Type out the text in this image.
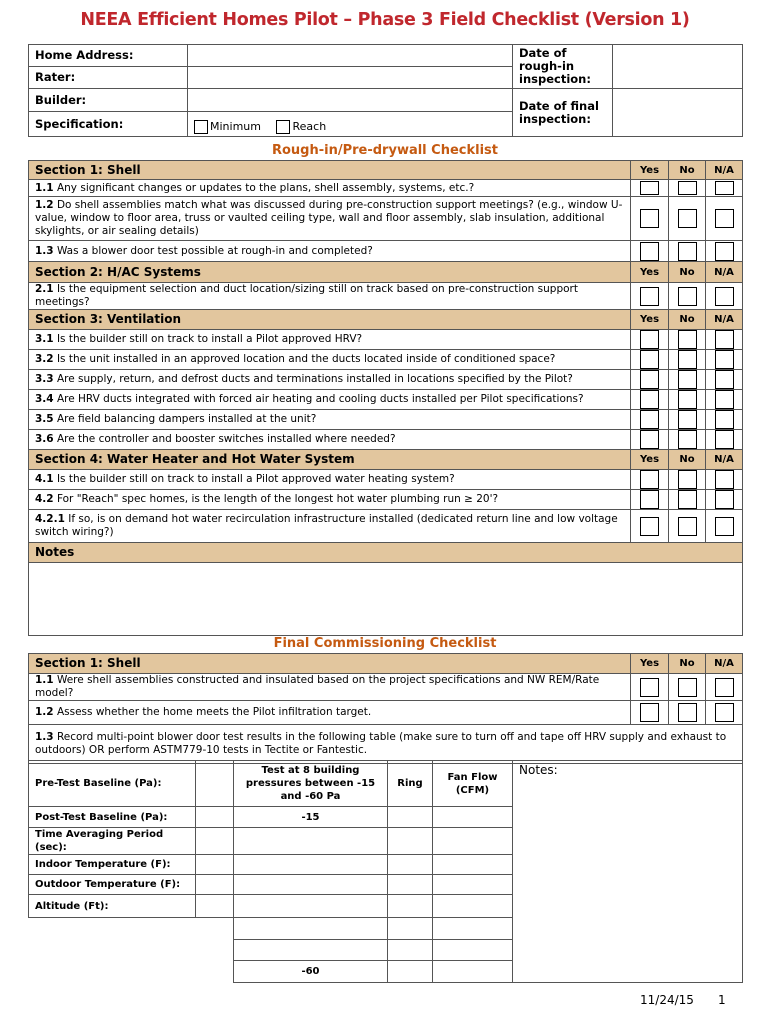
NEEA Efficient Homes Pilot – Phase 3 Field Checklist (Version 1)
Home Address:		Date of rough-in inspection:	
Rater:			
Builder:		Date of final inspection:	
Specification:	Minimum Reach		
Rough-in/Pre-drywall Checklist
Section 1: Shell	Yes	No	N/A
1.1 Any significant changes or updates to the plans, shell assembly, systems, etc.?			
1.2 Do shell assemblies match what was discussed during pre-construction support meetings? (e.g., window U-value, window to floor area, truss or vaulted ceiling type, wall and floor assembly, slab insulation, additional skylights, or air sealing details)			
1.3 Was a blower door test possible at rough-in and completed?			
Section 2: H/AC Systems	Yes	No	N/A
2.1 Is the equipment selection and duct location/sizing still on track based on pre-construction support meetings?			
Section 3: Ventilation	Yes	No	N/A
3.1 Is the builder still on track to install a Pilot approved HRV?			
3.2 Is the unit installed in an approved location and the ducts located inside of conditioned space?			
3.3 Are supply, return, and defrost ducts and terminations installed in locations specified by the Pilot?			
3.4 Are HRV ducts integrated with forced air heating and cooling ducts installed per Pilot specifications?			
3.5 Are field balancing dampers installed at the unit?			
3.6 Are the controller and booster switches installed where needed?			
Section 4: Water Heater and Hot Water System	Yes	No	N/A
4.1 Is the builder still on track to install a Pilot approved water heating system?			
4.2 For "Reach" spec homes, is the length of the longest hot water plumbing run ≥ 20'?			
4.2.1 If so, is on demand hot water recirculation infrastructure installed (dedicated return line and low voltage switch wiring?)			
Notes			

Final Commissioning Checklist
Section 1: Shell	Yes	No	N/A
1.1 Were shell assemblies constructed and insulated based on the project specifications and NW REM/Rate model?			
1.2 Assess whether the home meets the Pilot infiltration target.			
1.3 Record multi-point blower door test results in the following table (make sure to turn off and tape off HRV supply and exhaust to outdoors) OR perform ASTM779-10 tests in Tectite or Fantestic.			
Pre-Test Baseline (Pa):		Test at 8 building pressures between -15 and -60 Pa	Ring	Fan Flow (CFM)	Notes:
Post-Test Baseline (Pa):		-15			
Time Averaging Period (sec):					
Indoor Temperature (F):					
Outdoor Temperature (F):					
Altitude (Ft):					

		-60			
11/24/15 1
